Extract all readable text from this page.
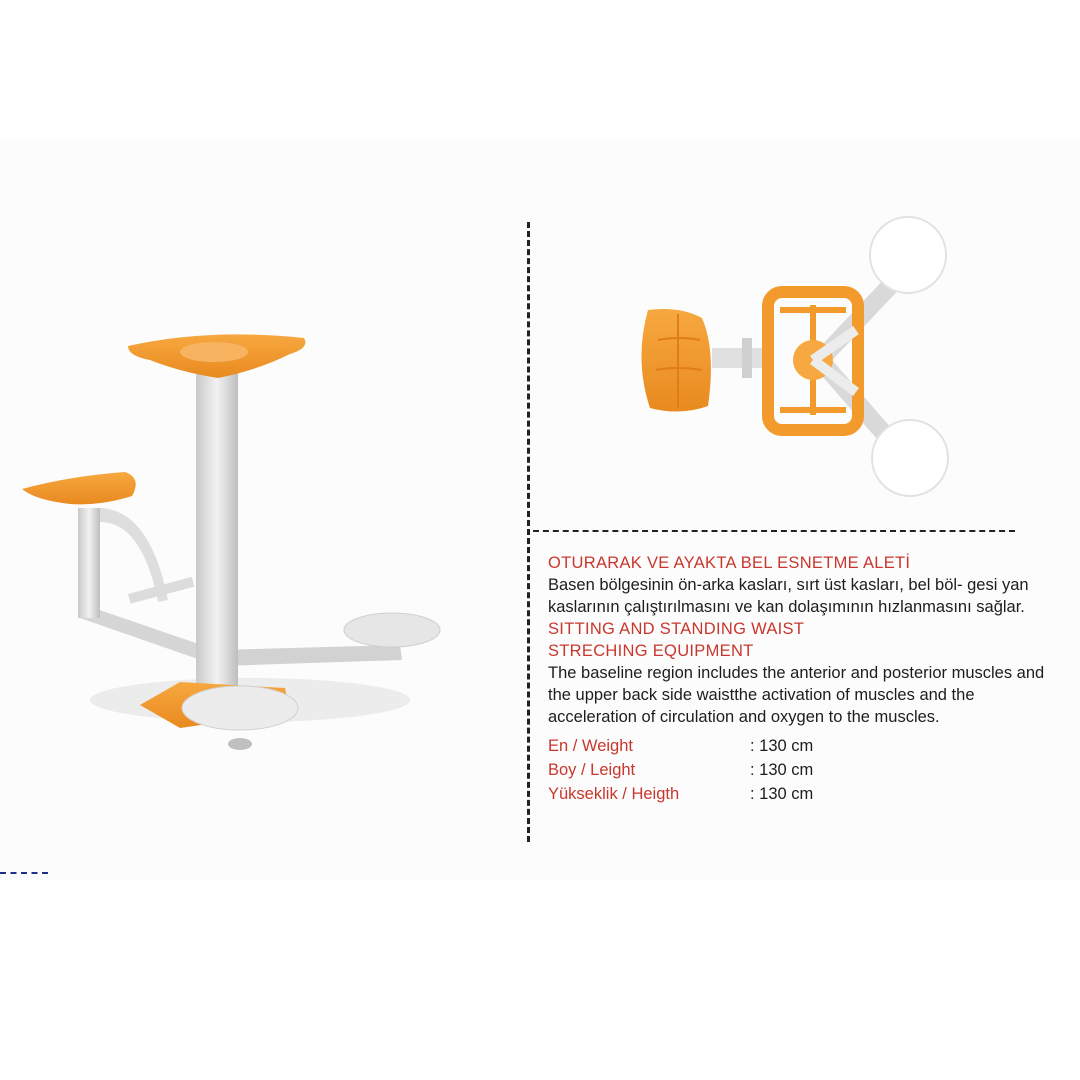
OTURARAK VE AYAKTA BEL ESNETME ALETİ

Basen bölgesinin ön-arka kasları, sırt üst kasları, bel böl- gesi yan kaslarının çalıştırılmasını ve kan dolaşımının hızlanmasını sağlar.

SITTING AND STANDING WAIST
STRECHING EQUIPMENT

The baseline region includes the anterior and posterior muscles and the upper back side waistthe activation of muscles and the acceleration of circulation and oxygen to the muscles.

En / Weight	: 130 cm
Boy / Leight	: 130 cm
Yükseklik / Heigth	: 130 cm
